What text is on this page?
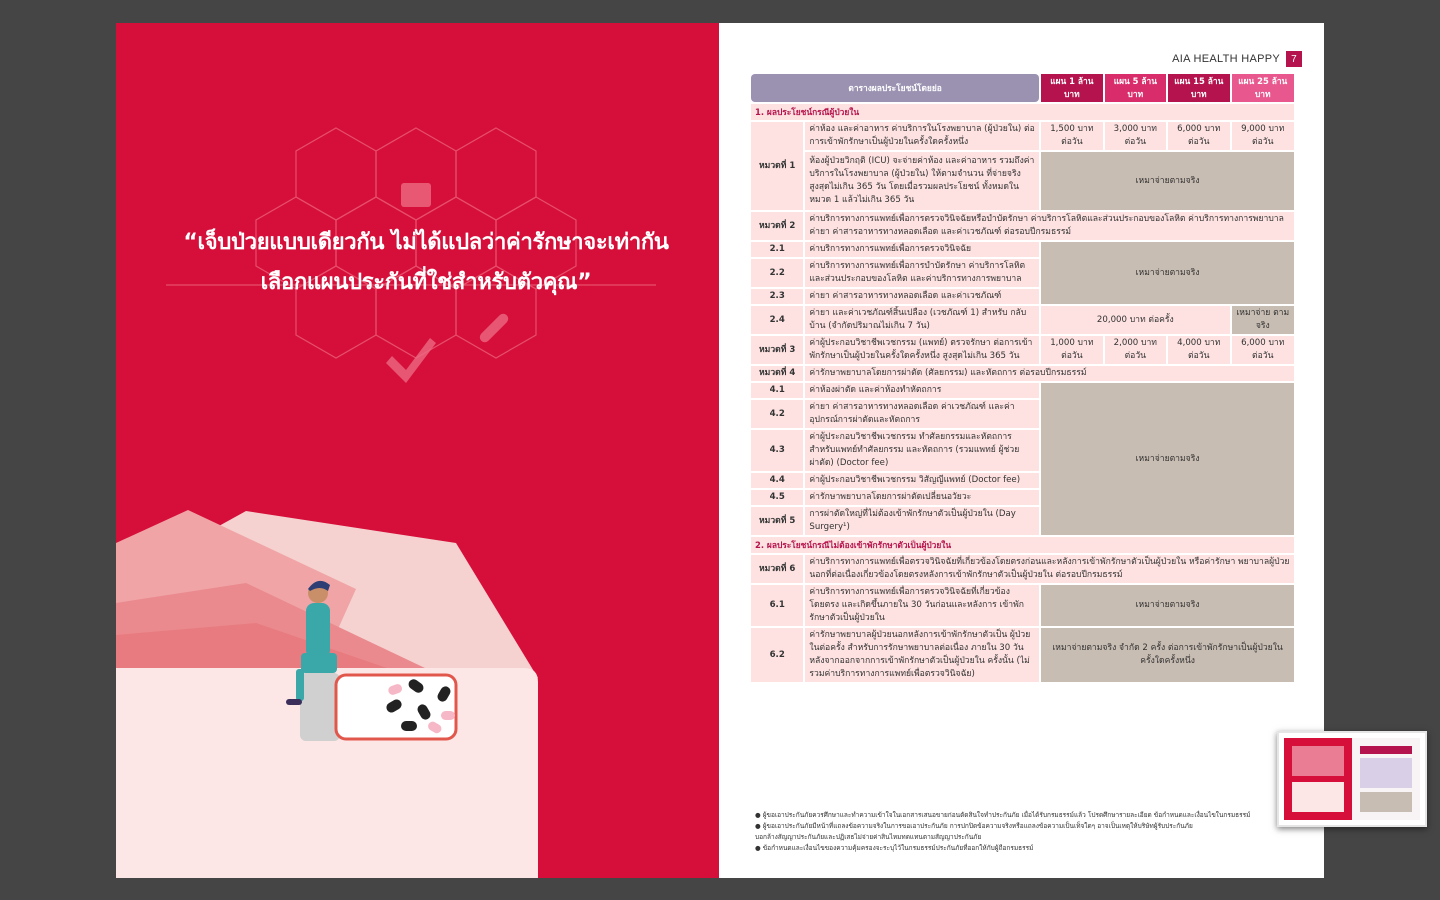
“เจ็บป่วยแบบเดียวกัน ไม่ได้แปลว่าค่ารักษาจะเท่ากัน
เลือกแผนประกันที่ใช่สำหรับตัวคุณ”
AIA HEALTH HAPPY	7
ตารางผลประโยชน์โดยย่อ		แผน 1 ล้านบาท	แผน 5 ล้านบาท	แผน 15 ล้านบาท	แผน 25 ล้านบาท
1. ผลประโยชน์กรณีผู้ป่วยใน					
หมวดที่ 1	ค่าห้อง และค่าอาหาร ค่าบริการในโรงพยาบาล (ผู้ป่วยใน) ต่อการเข้าพักรักษาเป็นผู้ป่วยในครั้งใดครั้งหนึ่ง	1,500 บาท ต่อวัน	3,000 บาท ต่อวัน	6,000 บาท ต่อวัน	9,000 บาท ต่อวัน
	ห้องผู้ป่วยวิกฤติ (ICU) จะจ่ายค่าห้อง และค่าอาหาร รวมถึงค่าบริการในโรงพยาบาล (ผู้ป่วยใน) ให้ตามจำนวน ที่จ่ายจริง สูงสุดไม่เกิน 365 วัน โดยเมื่อรวมผลประโยชน์ ทั้งหมดในหมวด 1 แล้วไม่เกิน 365 วัน	เหมาจ่ายตามจริง			
หมวดที่ 2	ค่าบริการทางการแพทย์เพื่อการตรวจวินิจฉัยหรือบำบัดรักษา ค่าบริการโลหิตและส่วนประกอบของโลหิต ค่าบริการทางการพยาบาล ค่ายา ค่าสารอาหารทางหลอดเลือด และค่าเวชภัณฑ์ ต่อรอบปีกรมธรรม์				
2.1	ค่าบริการทางการแพทย์เพื่อการตรวจวินิจฉัย	เหมาจ่ายตามจริง			
2.2	ค่าบริการทางการแพทย์เพื่อการบำบัดรักษา ค่าบริการโลหิต และส่วนประกอบของโลหิต และค่าบริการทางการพยาบาล				
2.3	ค่ายา ค่าสารอาหารทางหลอดเลือด และค่าเวชภัณฑ์				
2.4	ค่ายา และค่าเวชภัณฑ์สิ้นเปลือง (เวชภัณฑ์ 1) สำหรับ กลับบ้าน (จำกัดปริมาณไม่เกิน 7 วัน)	20,000 บาท ต่อครั้ง			เหมาจ่าย ตามจริง
หมวดที่ 3	ค่าผู้ประกอบวิชาชีพเวชกรรม (แพทย์) ตรวจรักษา ต่อการเข้าพักรักษาเป็นผู้ป่วยในครั้งใดครั้งหนึ่ง สูงสุดไม่เกิน 365 วัน	1,000 บาท ต่อวัน	2,000 บาท ต่อวัน	4,000 บาท ต่อวัน	6,000 บาท ต่อวัน
หมวดที่ 4	ค่ารักษาพยาบาลโดยการผ่าตัด (ศัลยกรรม) และหัตถการ ต่อรอบปีกรมธรรม์				
4.1	ค่าห้องผ่าตัด และค่าห้องทำหัตถการ	เหมาจ่ายตามจริง			
4.2	ค่ายา ค่าสารอาหารทางหลอดเลือด ค่าเวชภัณฑ์ และค่าอุปกรณ์การผ่าตัดและหัตถการ				
4.3	ค่าผู้ประกอบวิชาชีพเวชกรรม ทำศัลยกรรมและหัตถการ สำหรับแพทย์ทำศัลยกรรม และหัตถการ (รวมแพทย์ ผู้ช่วยผ่าตัด) (Doctor fee)				
4.4	ค่าผู้ประกอบวิชาชีพเวชกรรม วิสัญญีแพทย์ (Doctor fee)				
4.5	ค่ารักษาพยาบาลโดยการผ่าตัดเปลี่ยนอวัยวะ				
หมวดที่ 5	การผ่าตัดใหญ่ที่ไม่ต้องเข้าพักรักษาตัวเป็นผู้ป่วยใน (Day Surgery¹)				
2. ผลประโยชน์กรณีไม่ต้องเข้าพักรักษาตัวเป็นผู้ป่วยใน					
หมวดที่ 6	ค่าบริการทางการแพทย์เพื่อตรวจวินิจฉัยที่เกี่ยวข้องโดยตรงก่อนและหลังการเข้าพักรักษาตัวเป็นผู้ป่วยใน หรือค่ารักษา พยาบาลผู้ป่วยนอกที่ต่อเนื่องเกี่ยวข้องโดยตรงหลังการเข้าพักรักษาตัวเป็นผู้ป่วยใน ต่อรอบปีกรมธรรม์				
6.1	ค่าบริการทางการแพทย์เพื่อการตรวจวินิจฉัยที่เกี่ยวข้อง โดยตรง และเกิดขึ้นภายใน 30 วันก่อนและหลังการ เข้าพักรักษาตัวเป็นผู้ป่วยใน	เหมาจ่ายตามจริง			
6.2	ค่ารักษาพยาบาลผู้ป่วยนอกหลังการเข้าพักรักษาตัวเป็น ผู้ป่วยในต่อครั้ง สำหรับการรักษาพยาบาลต่อเนื่อง ภายใน 30 วันหลังจากออกจากการเข้าพักรักษาตัวเป็นผู้ป่วยใน ครั้งนั้น (ไม่รวมค่าบริการทางการแพทย์เพื่อตรวจวินิจฉัย)	เหมาจ่ายตามจริง จำกัด 2 ครั้ง ต่อการเข้าพักรักษาเป็นผู้ป่วยในครั้งใดครั้งหนึ่ง			
● ผู้ขอเอาประกันภัยควรศึกษาและทำความเข้าใจในเอกสารเสนอขายก่อนตัดสินใจทำประกันภัย เมื่อได้รับกรมธรรม์แล้ว โปรดศึกษารายละเอียด ข้อกำหนดและเงื่อนไขในกรมธรรม์
● ผู้ขอเอาประกันภัยมีหน้าที่แถลงข้อความจริงในการขอเอาประกันภัย การปกปิดข้อความจริงหรือแถลงข้อความเป็นเท็จใดๆ อาจเป็นเหตุให้บริษัทผู้รับประกันภัย
บอกล้างสัญญาประกันภัยและปฏิเสธไม่จ่ายค่าสินไหมทดแทนตามสัญญาประกันภัย
● ข้อกำหนดและเงื่อนไขของความคุ้มครองจะระบุไว้ในกรมธรรม์ประกันภัยที่ออกให้กับผู้ถือกรมธรรม์
